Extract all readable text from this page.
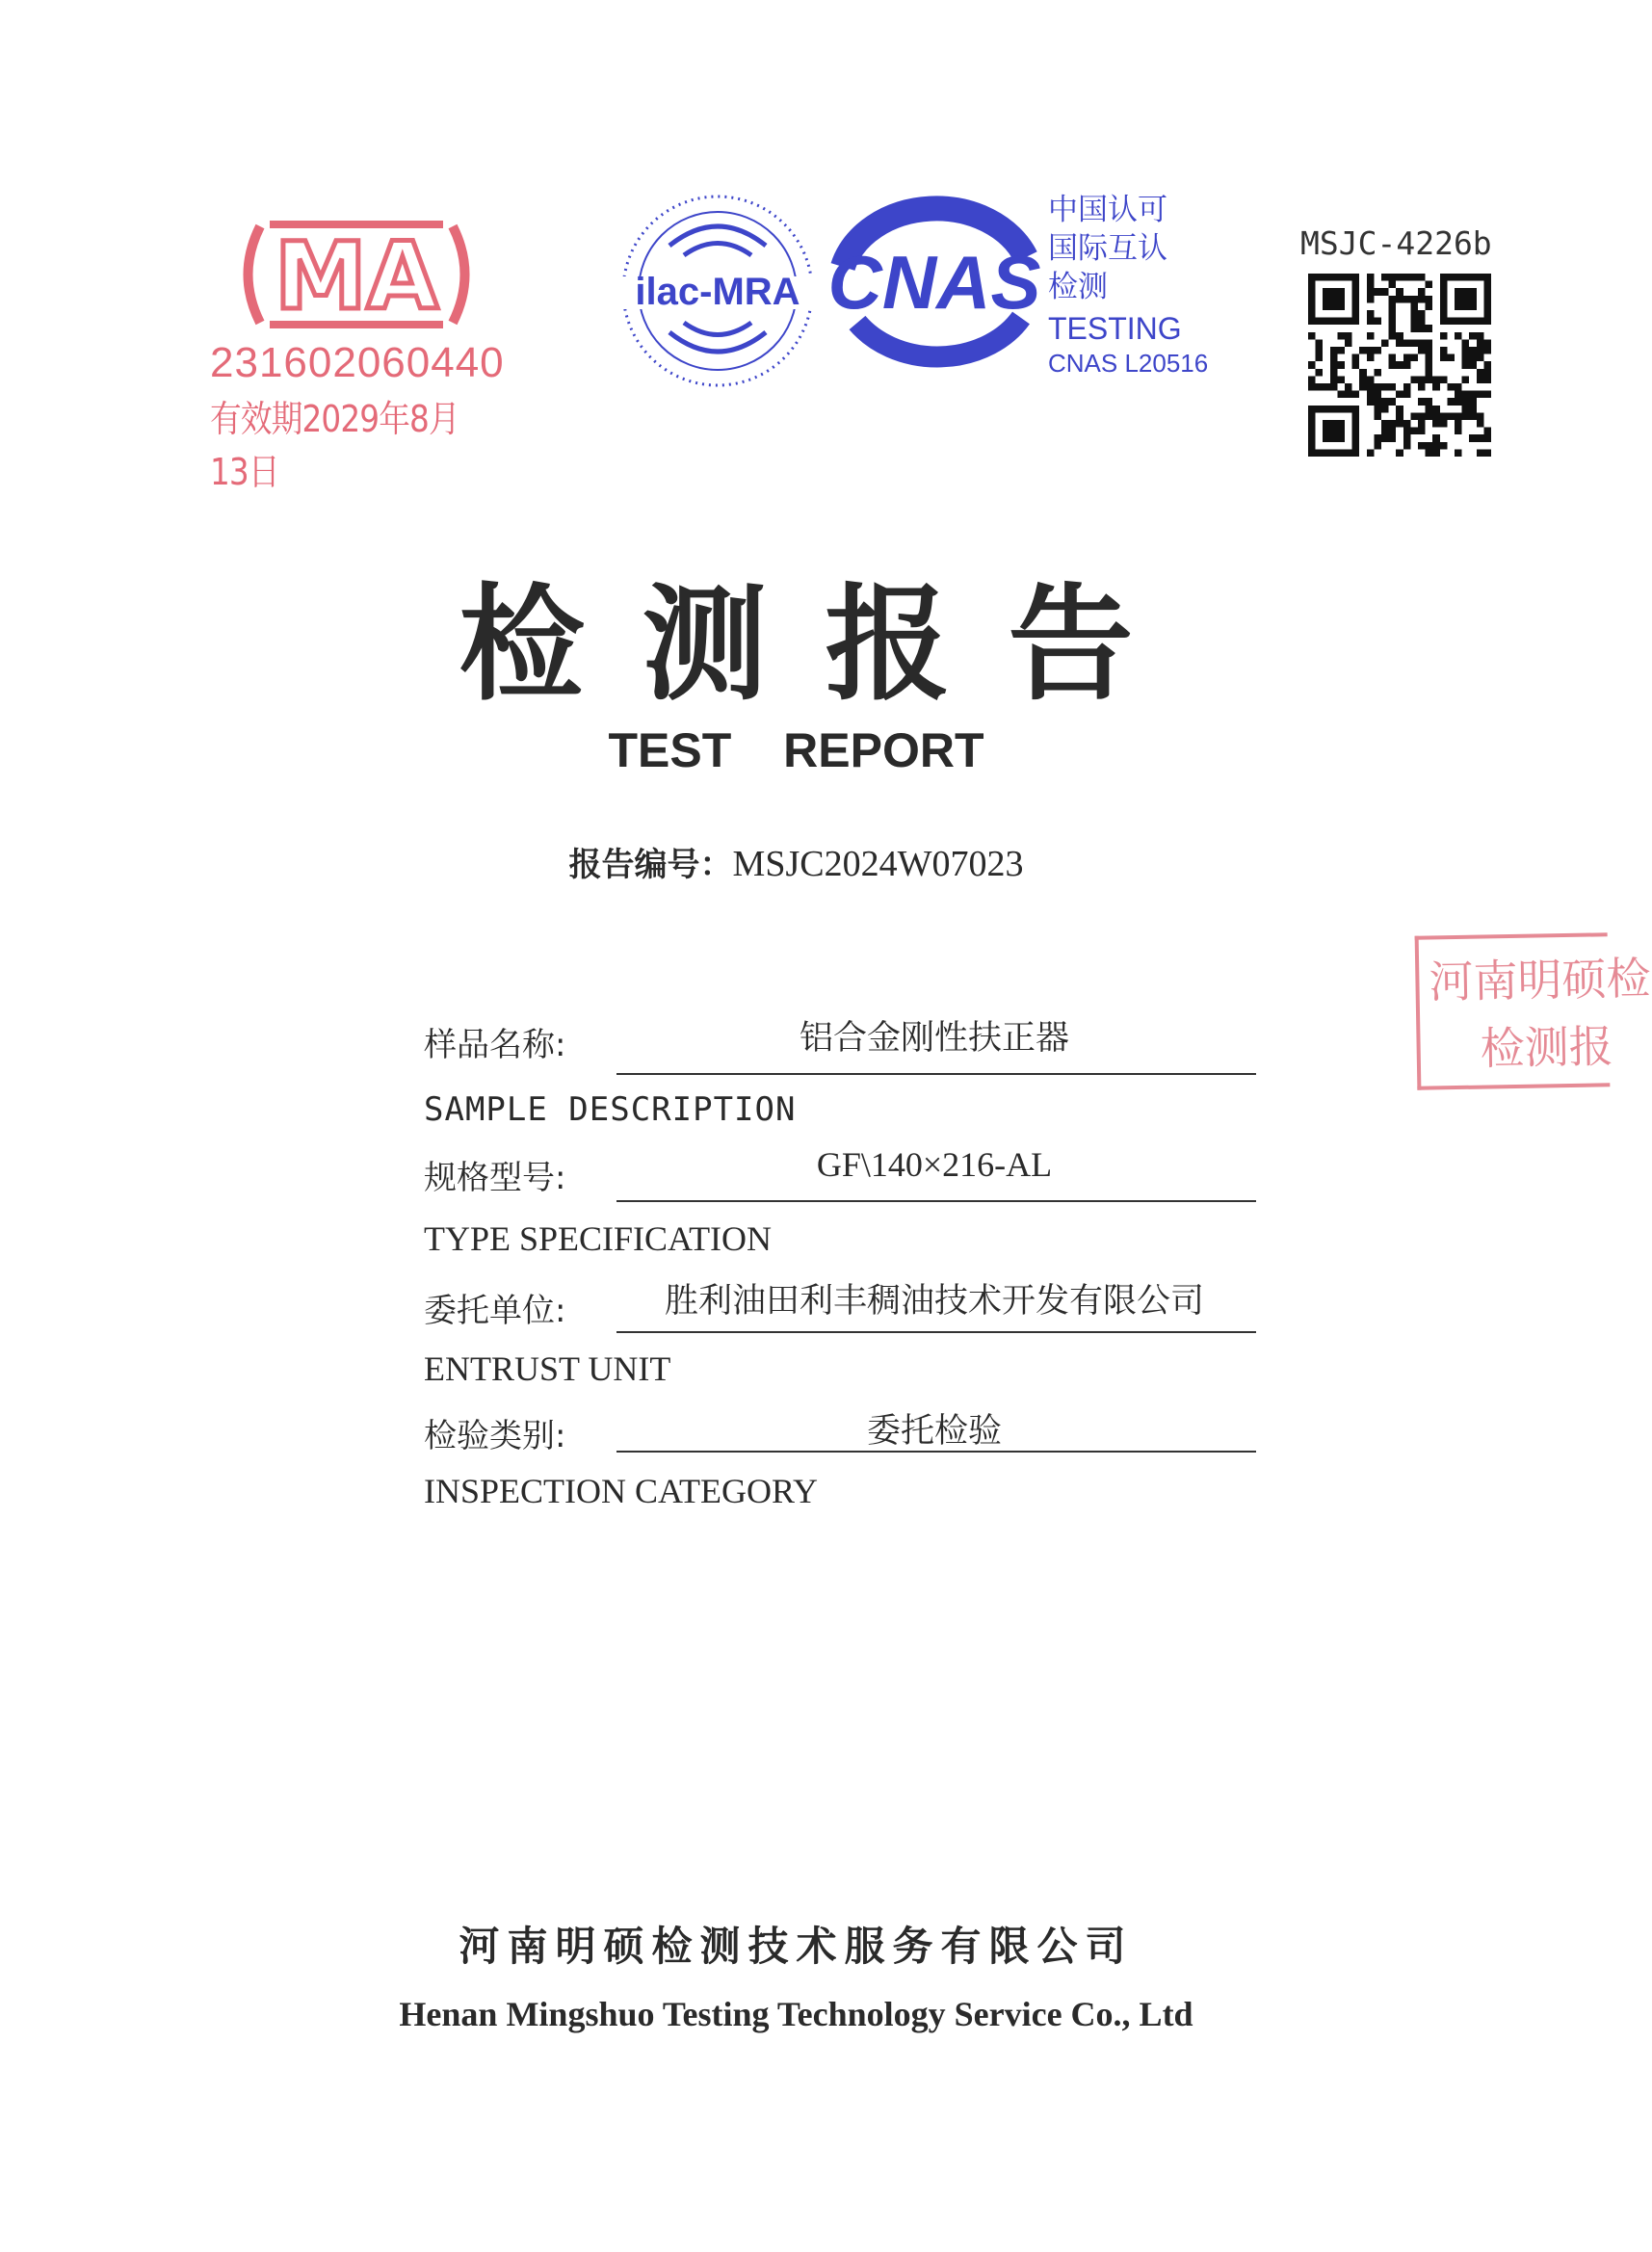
MA
231602060440
有效期2029年8月13日
ilac-MRA CNAS
中国认可
国际互认
检测
TESTING
CNAS L20516
MSJC-4226b
检测报告
TEST REPORT
报告编号：MSJC2024W07023
样品名称:	铝合金刚性扶正器
SAMPLE DESCRIPTION
规格型号:	GF\140×216-AL
TYPE SPECIFICATION
委托单位:	胜利油田利丰稠油技术开发有限公司
ENTRUST UNIT
检验类别:	委托检验
INSPECTION CATEGORY
河南明硕检
检测报
河南明硕检测技术服务有限公司
Henan Mingshuo Testing Technology Service Co., Ltd
